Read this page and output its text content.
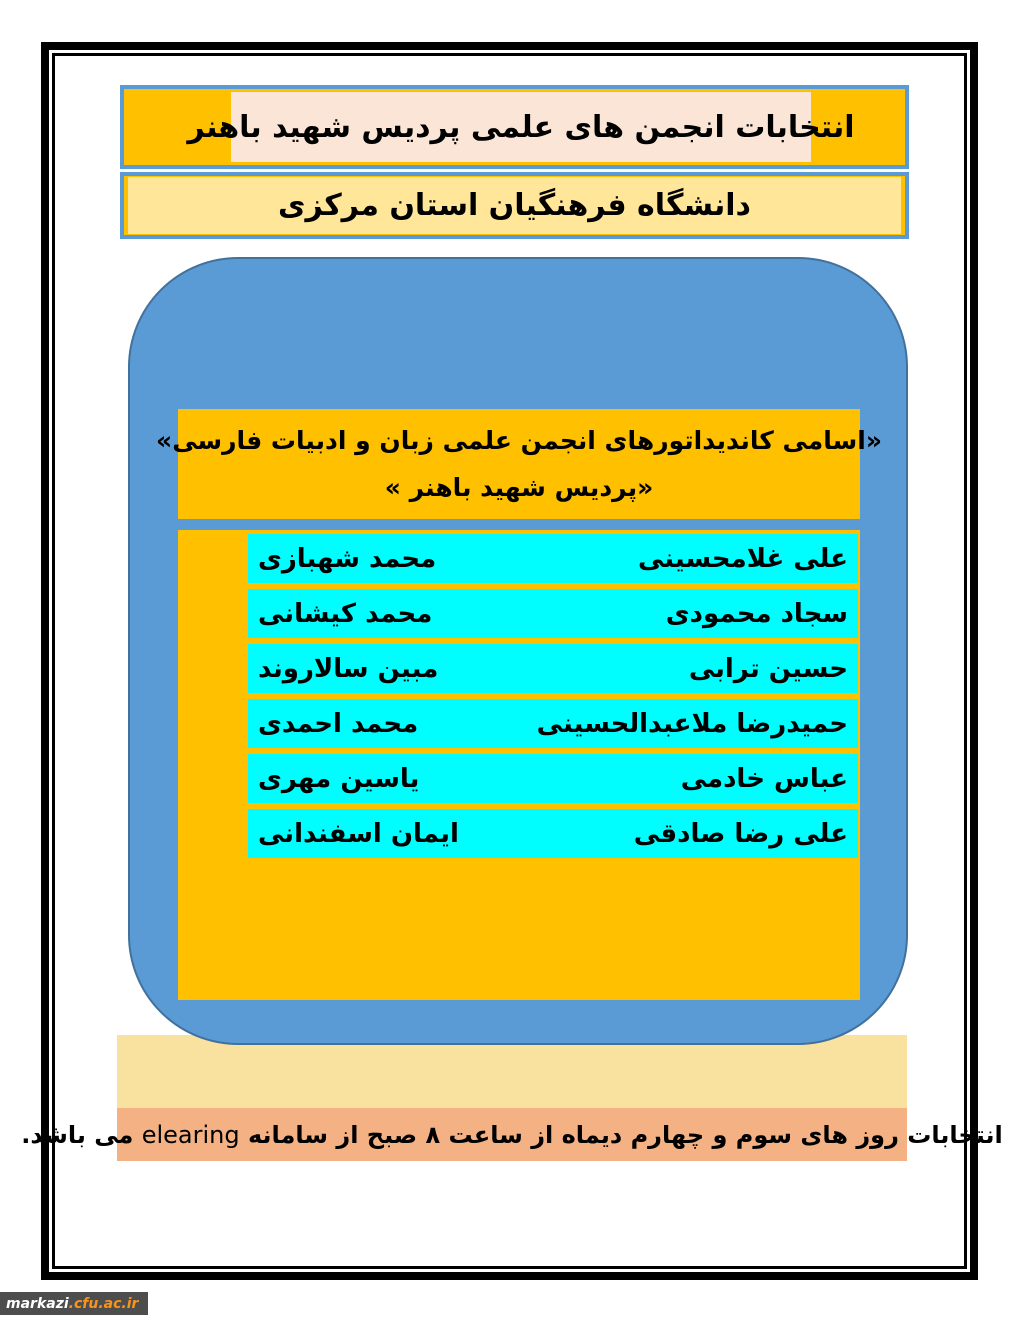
انتخابات انجمن های علمی پردیس شهید باهنر
دانشگاه فرهنگیان استان مرکزی
انتخابات روز های سوم و چهارم دیماه از ساعت ۸ صبح از سامانه elearing می باشد.
«اسامی کاندیداتورهای انجمن علمی زبان و ادبیات فارسی»
«پردیس شهید باهنر »
علی غلامحسینی
محمد شهبازی
سجاد محمودی
محمد کیشانی
حسین ترابی
مبین سالاروند
حمیدرضا ملاعبدالحسینی
محمد احمدی
عباس خادمی
یاسین مهری
علی رضا صادقی
ایمان اسفندانی
markazi .cfu.ac.ir
